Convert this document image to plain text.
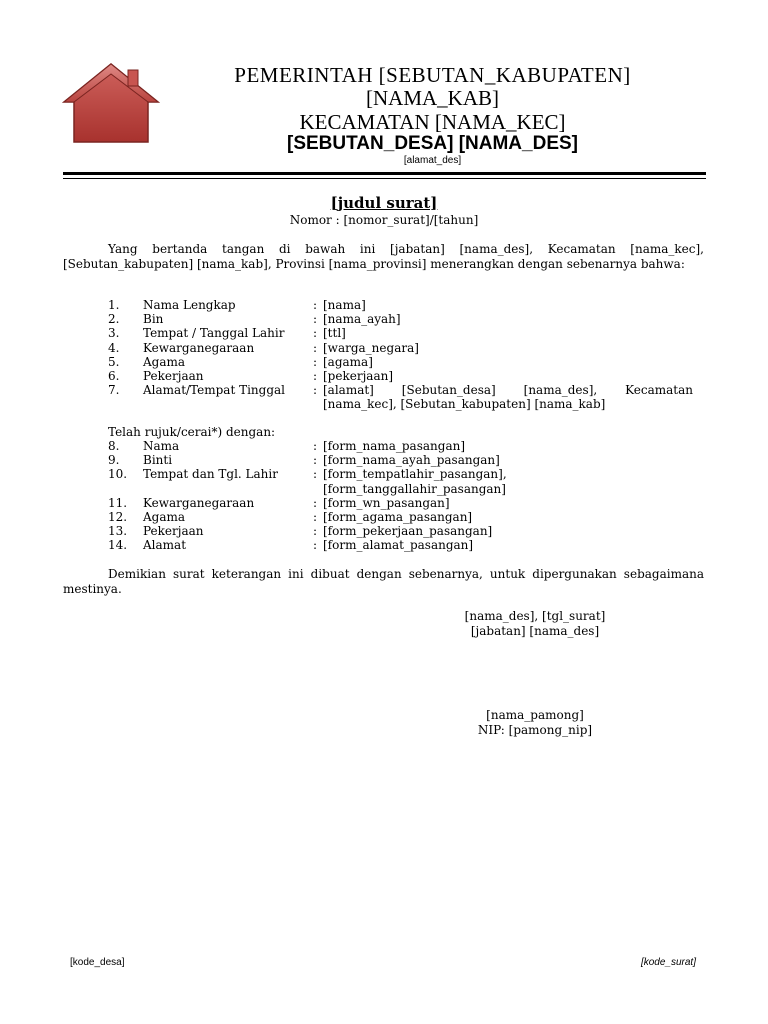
PEMERINTAH [SEBUTAN_KABUPATEN]
[NAMA_KAB]
KECAMATAN [NAMA_KEC]
[SEBUTAN_DESA] [NAMA_DES]
[alamat_des]
[judul surat]
Nomor : [nomor_surat]/[tahun]
Yang bertanda tangan di bawah ini [jabatan] [nama_des], Kecamatan [nama_kec], [Sebutan_kabupaten] [nama_kab], Provinsi [nama_provinsi] menerangkan dengan sebenarnya bahwa:
1. Nama Lengkap	: [nama]
2. Bin	: [nama_ayah]
3. Tempat / Tanggal Lahir : [ttl]
4. Kewarganegaraan	: [warga_negara]
5. Agama	: [agama]
6. Pekerjaan	: [pekerjaan]
7. Alamat/Tempat Tinggal : [alamat] [Sebutan_desa] [nama_des], Kecamatan
[nama_kec], [Sebutan_kabupaten] [nama_kab]
Telah rujuk/cerai*) dengan:
8. Nama	: [form_nama_pasangan]
9. Binti	: [form_nama_ayah_pasangan]
10. Tempat dan Tgl. Lahir	: [form_tempatlahir_pasangan],
[form_tanggallahir_pasangan]
11. Kewarganegaraan	: [form_wn_pasangan]
12. Agama	: [form_agama_pasangan]
13. Pekerjaan	: [form_pekerjaan_pasangan]
14. Alamat	: [form_alamat_pasangan]
Demikian surat keterangan ini dibuat dengan sebenarnya, untuk dipergunakan sebagaimana mestinya.
[nama_des], [tgl_surat]
[jabatan] [nama_des]
[nama_pamong]
NIP: [pamong_nip]
[kode_desa]	[kode_surat]
